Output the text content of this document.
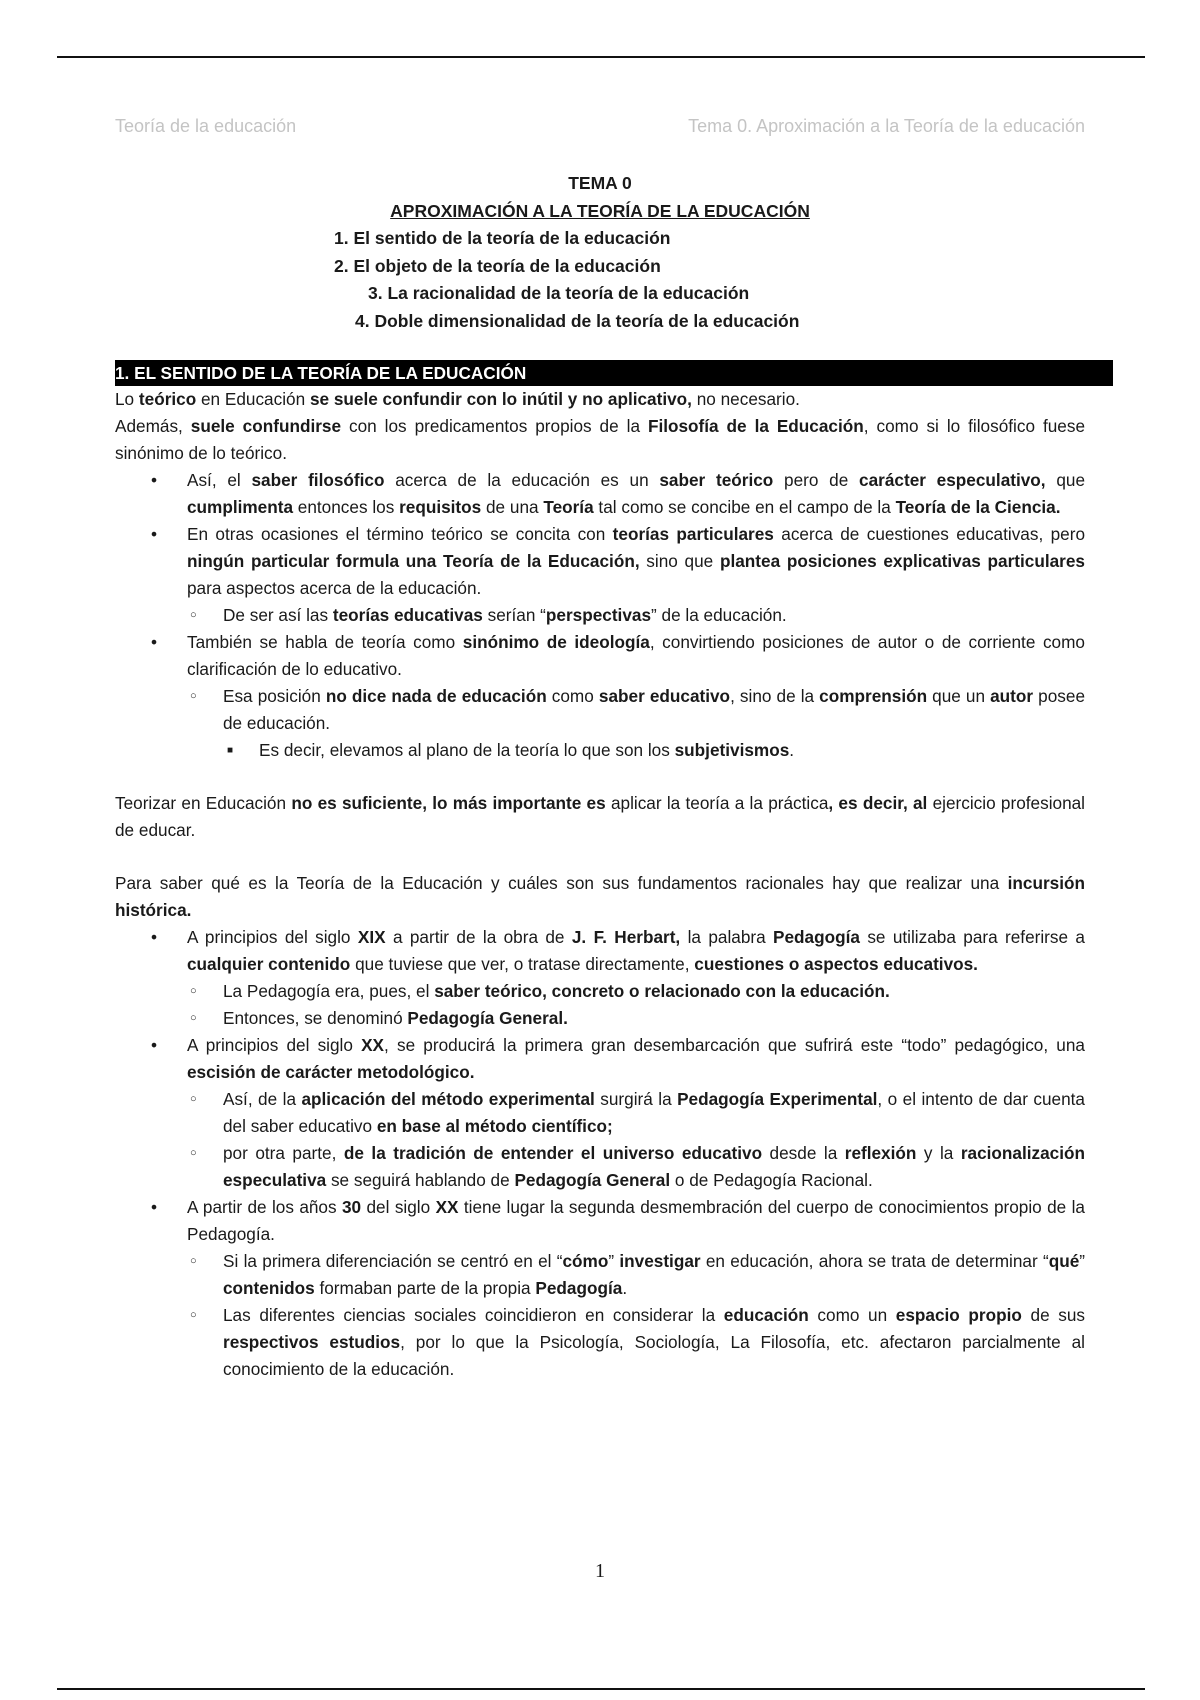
Teoría de la educación	Tema 0. Aproximación a la Teoría de la educación

TEMA 0

APROXIMACIÓN A LA TEORÍA DE LA EDUCACIÓN

1. El sentido de la teoría de la educación

2. El objeto de la teoría de la educación

3. La racionalidad de la teoría de la educación

4. Doble dimensionalidad de la teoría de la educación

1. EL SENTIDO DE LA TEORÍA DE LA EDUCACIÓN

Lo teórico en Educación se suele confundir con lo inútil y no aplicativo, no necesario.

Además, suele confundirse con los predicamentos propios de la Filosofía de la Educación, como si lo filosófico fuese sinónimo de lo teórico.

• Así, el saber filosófico acerca de la educación es un saber teórico pero de carácter especulativo, que cumplimenta entonces los requisitos de una Teoría tal como se concibe en el campo de la Teoría de la Ciencia.
• En otras ocasiones el término teórico se concita con teorías particulares acerca de cuestiones educativas, pero ningún particular formula una Teoría de la Educación, sino que plantea posiciones explicativas particulares para aspectos acerca de la educación.
○ De ser así las teorías educativas serían “perspectivas” de la educación.
• También se habla de teoría como sinónimo de ideología, convirtiendo posiciones de autor o de corriente como clarificación de lo educativo.
○ Esa posición no dice nada de educación como saber educativo, sino de la comprensión que un autor posee de educación.
■ Es decir, elevamos al plano de la teoría lo que son los subjetivismos.

Teorizar en Educación no es suficiente, lo más importante es aplicar la teoría a la práctica, es decir, al ejercicio profesional de educar.

Para saber qué es la Teoría de la Educación y cuáles son sus fundamentos racionales hay que realizar una incursión histórica.

• A principios del siglo XIX a partir de la obra de J. F. Herbart, la palabra Pedagogía se utilizaba para referirse a cualquier contenido que tuviese que ver, o tratase directamente, cuestiones o aspectos educativos.
○ La Pedagogía era, pues, el saber teórico, concreto o relacionado con la educación.
○ Entonces, se denominó Pedagogía General.
• A principios del siglo XX, se producirá la primera gran desembarcación que sufrirá este “todo” pedagógico, una escisión de carácter metodológico.
○ Así, de la aplicación del método experimental surgirá la Pedagogía Experimental, o el intento de dar cuenta del saber educativo en base al método científico;
○ por otra parte, de la tradición de entender el universo educativo desde la reflexión y la racionalización especulativa se seguirá hablando de Pedagogía General o de Pedagogía Racional.
• A partir de los años 30 del siglo XX tiene lugar la segunda desmembración del cuerpo de conocimientos propio de la Pedagogía.
○ Si la primera diferenciación se centró en el “cómo” investigar en educación, ahora se trata de determinar “qué” contenidos formaban parte de la propia Pedagogía.
○ Las diferentes ciencias sociales coincidieron en considerar la educación como un espacio propio de sus respectivos estudios, por lo que la Psicología, Sociología, La Filosofía, etc. afectaron parcialmente al conocimiento de la educación.
1
